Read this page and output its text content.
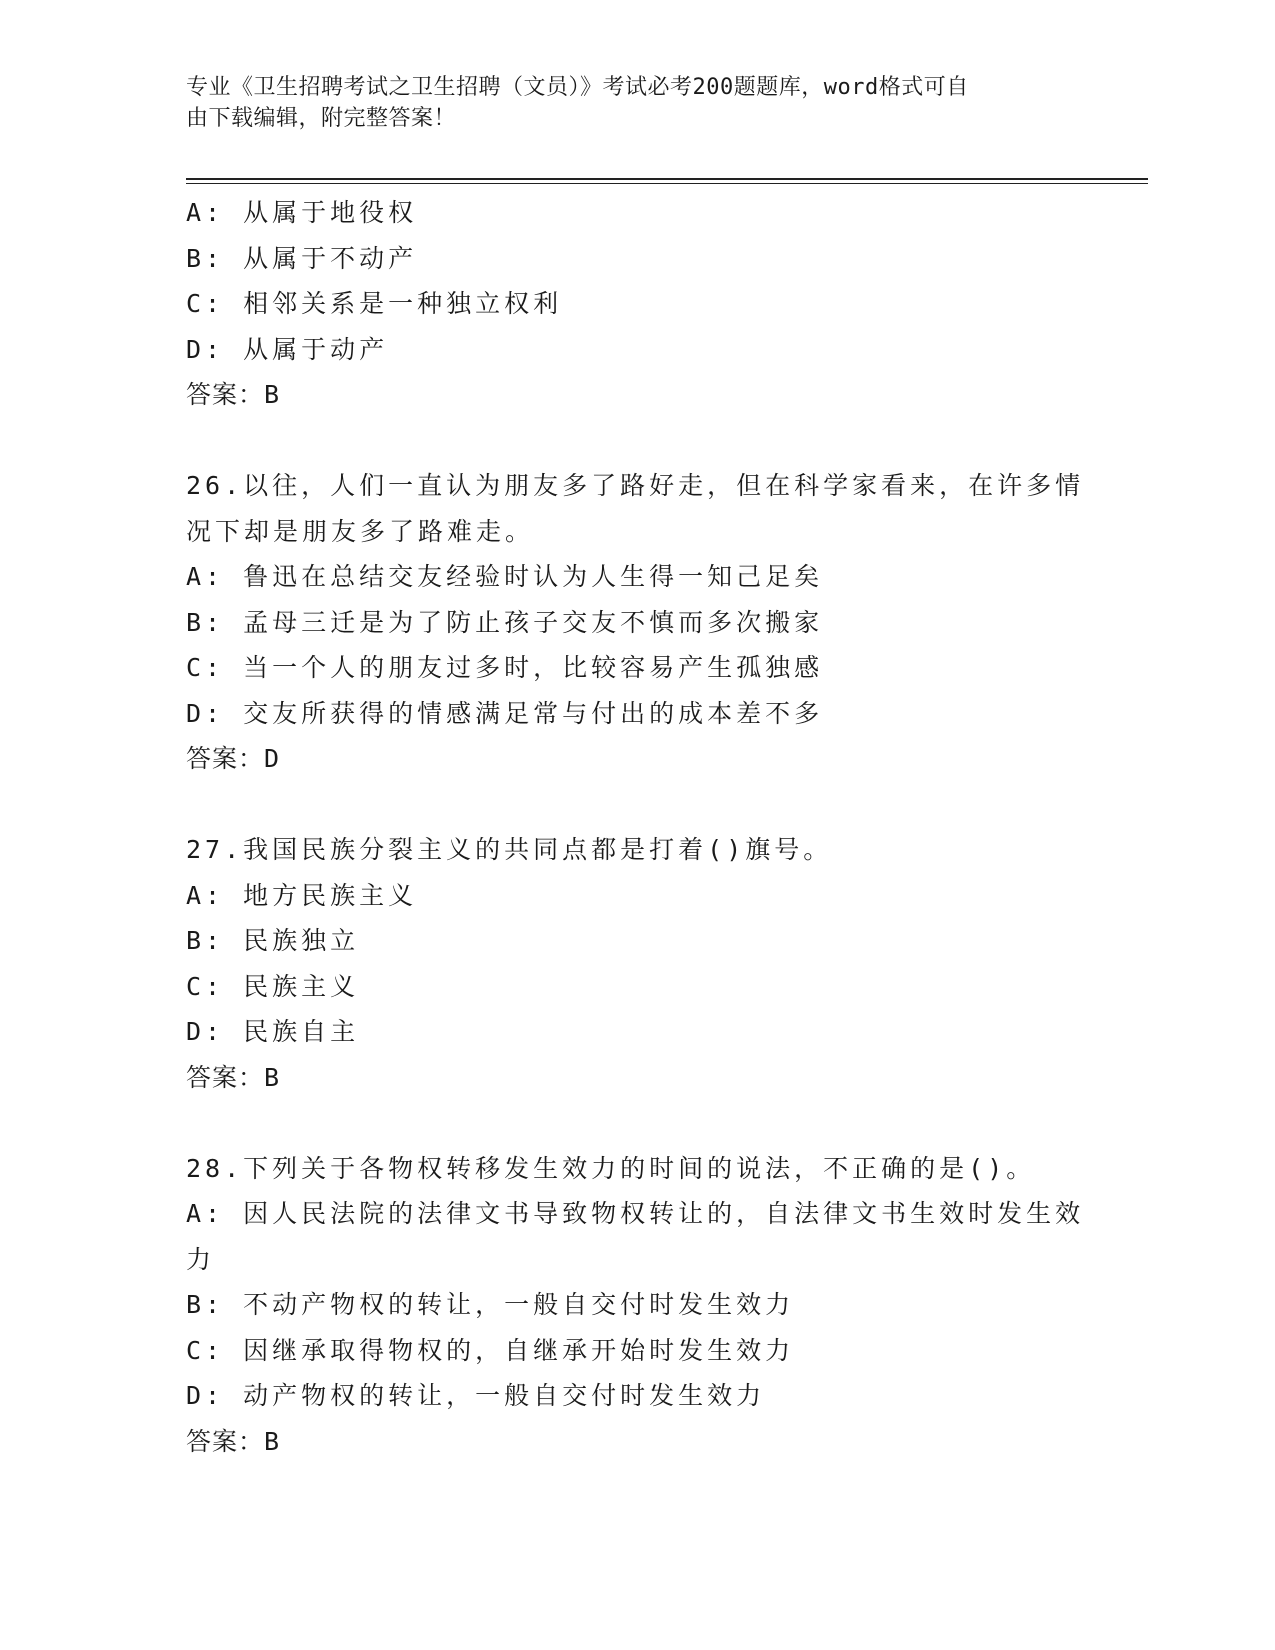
专业《卫生招聘考试之卫生招聘（文员）》考试必考200题题库，word格式可自
由下载编辑，附完整答案！

A: 从属于地役权

B: 从属于不动产

C: 相邻关系是一种独立权利

D: 从属于动产

答案：B

26.以往，人们一直认为朋友多了路好走，但在科学家看来，在许多情

况下却是朋友多了路难走。

A: 鲁迅在总结交友经验时认为人生得一知己足矣

B: 孟母三迁是为了防止孩子交友不慎而多次搬家

C: 当一个人的朋友过多时，比较容易产生孤独感

D: 交友所获得的情感满足常与付出的成本差不多

答案：D

27.我国民族分裂主义的共同点都是打着()旗号。

A: 地方民族主义

B: 民族独立

C: 民族主义

D: 民族自主

答案：B

28.下列关于各物权转移发生效力的时间的说法，不正确的是()。

A: 因人民法院的法律文书导致物权转让的，自法律文书生效时发生效

力

B: 不动产物权的转让，一般自交付时发生效力

C: 因继承取得物权的，自继承开始时发生效力

D: 动产物权的转让，一般自交付时发生效力

答案：B
